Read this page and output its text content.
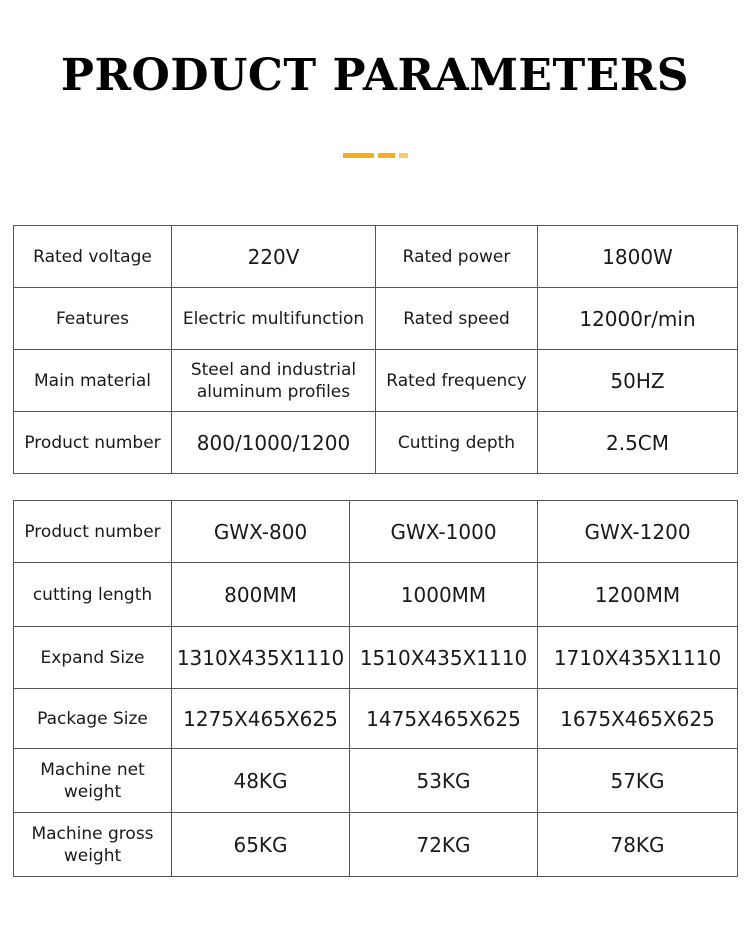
PRODUCT PARAMETERS
Rated voltage	220V	Rated power	1800W
Features	Electric multifunction	Rated speed	12000r/min
Main material	Steel and industrial aluminum profiles	Rated frequency	50HZ
Product number	800/1000/1200	Cutting depth	2.5CM
Product number	GWX-800	GWX-1000	GWX-1200
cutting length	800MM	1000MM	1200MM
Expand Size	1310X435X1110	1510X435X1110	1710X435X1110
Package Size	1275X465X625	1475X465X625	1675X465X625
Machine net weight	48KG	53KG	57KG
Machine gross weight	65KG	72KG	78KG
